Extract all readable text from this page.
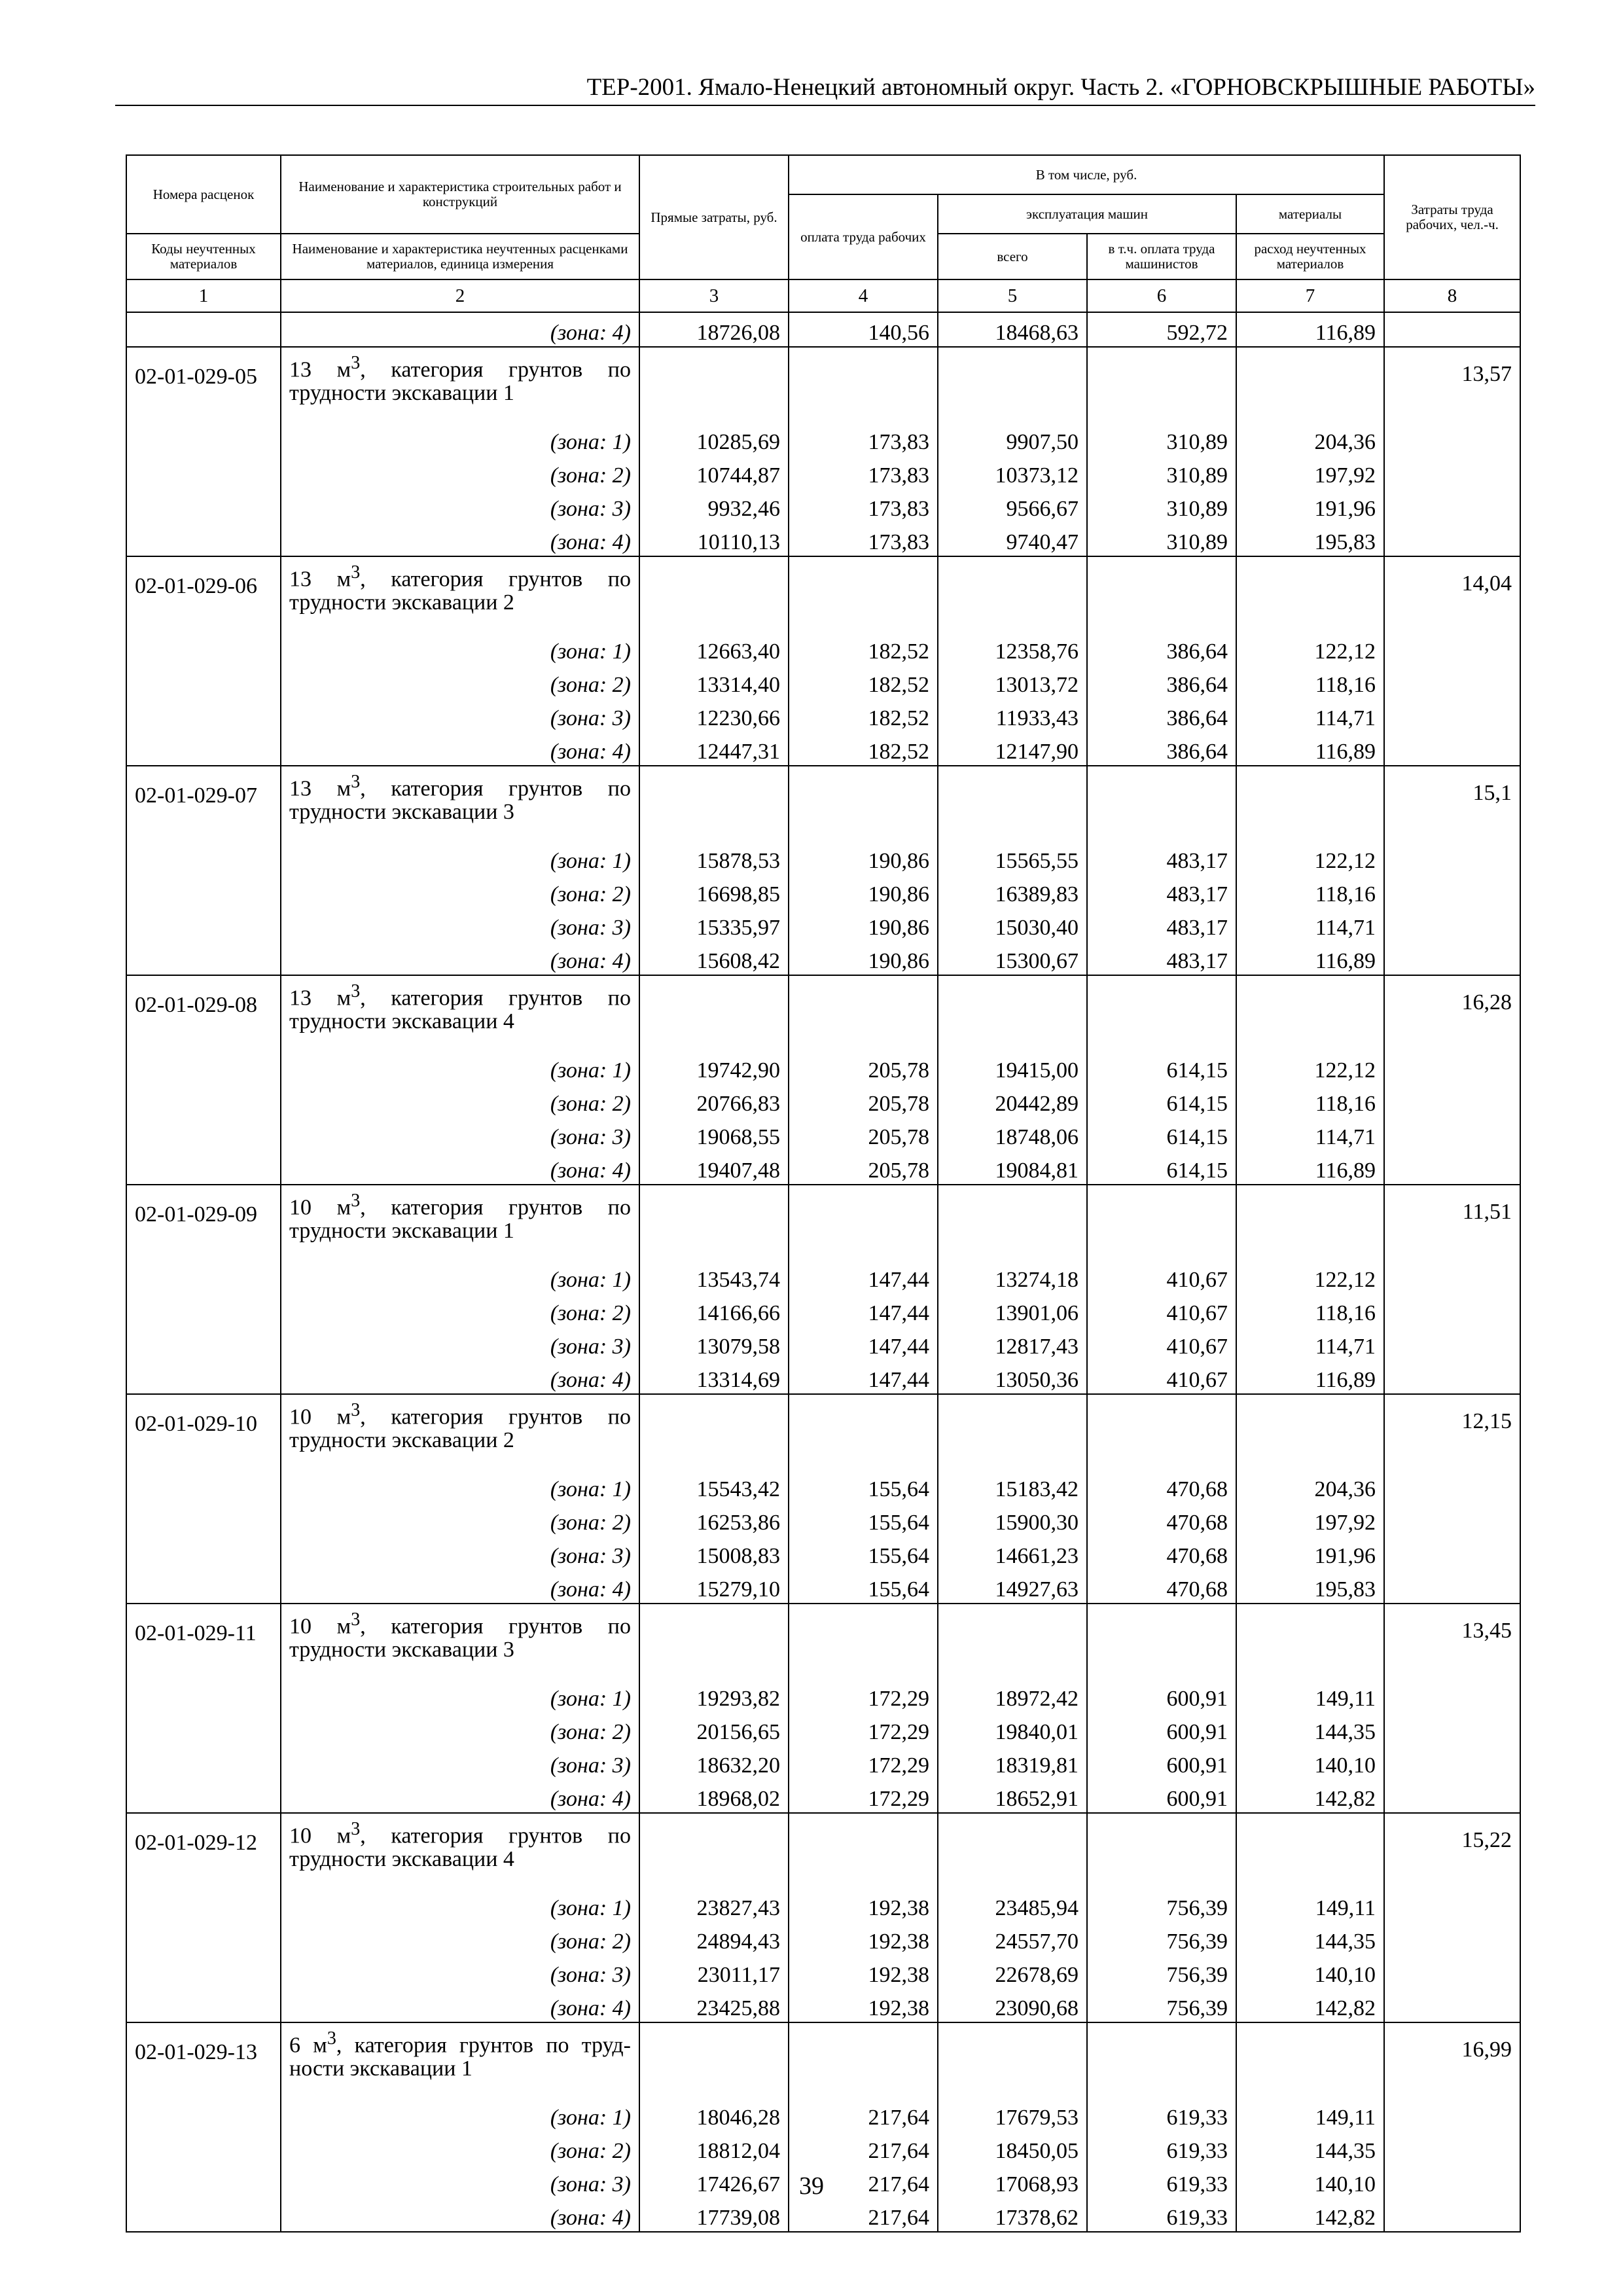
ТЕР-2001. Ямало-Ненецкий автономный округ. Часть 2. «ГОРНОВСКРЫШНЫЕ РАБОТЫ»
Номера расценок	Наименование и характеристика строительных работ и конструкций	Прямые затраты, руб.	В том числе, руб.				Затраты труда рабочих, чел.-ч.
			оплата труда рабочих	эксплуатация машин		материалы	
Коды неучтенных материалов	Наименование и характеристика неучтенных расценками материалов, единица измерения			всего	в т.ч. оплата труда машинистов	расход неучтенных материалов	
1	2	3	4	5	6	7	8
	(зона: 4)	18726,08	140,56	18468,63	592,72	116,89	
02-01-029-05	13 $м^3$, категория грунтов по трудности экскавации 1						13,57
	(зона: 1)	10285,69	173,83	9907,50	310,89	204,36	
	(зона: 2)	10744,87	173,83	10373,12	310,89	197,92	
	(зона: 3)	9932,46	173,83	9566,67	310,89	191,96	
	(зона: 4)	10110,13	173,83	9740,47	310,89	195,83	
02-01-029-06	13 $м^3$, категория грунтов по трудности экскавации 2						14,04
	(зона: 1)	12663,40	182,52	12358,76	386,64	122,12	
	(зона: 2)	13314,40	182,52	13013,72	386,64	118,16	
	(зона: 3)	12230,66	182,52	11933,43	386,64	114,71	
	(зона: 4)	12447,31	182,52	12147,90	386,64	116,89	
02-01-029-07	13 $м^3$, категория грунтов по трудности экскавации 3						15,1
	(зона: 1)	15878,53	190,86	15565,55	483,17	122,12	
	(зона: 2)	16698,85	190,86	16389,83	483,17	118,16	
	(зона: 3)	15335,97	190,86	15030,40	483,17	114,71	
	(зона: 4)	15608,42	190,86	15300,67	483,17	116,89	
02-01-029-08	13 $м^3$, категория грунтов по трудности экскавации 4						16,28
	(зона: 1)	19742,90	205,78	19415,00	614,15	122,12	
	(зона: 2)	20766,83	205,78	20442,89	614,15	118,16	
	(зона: 3)	19068,55	205,78	18748,06	614,15	114,71	
	(зона: 4)	19407,48	205,78	19084,81	614,15	116,89	
02-01-029-09	10 $м^3$, категория грунтов по трудности экскавации 1						11,51
	(зона: 1)	13543,74	147,44	13274,18	410,67	122,12	
	(зона: 2)	14166,66	147,44	13901,06	410,67	118,16	
	(зона: 3)	13079,58	147,44	12817,43	410,67	114,71	
	(зона: 4)	13314,69	147,44	13050,36	410,67	116,89	
02-01-029-10	10 $м^3$, категория грунтов по трудности экскавации 2						12,15
	(зона: 1)	15543,42	155,64	15183,42	470,68	204,36	
	(зона: 2)	16253,86	155,64	15900,30	470,68	197,92	
	(зона: 3)	15008,83	155,64	14661,23	470,68	191,96	
	(зона: 4)	15279,10	155,64	14927,63	470,68	195,83	
02-01-029-11	10 $м^3$, категория грунтов по трудности экскавации 3						13,45
	(зона: 1)	19293,82	172,29	18972,42	600,91	149,11	
	(зона: 2)	20156,65	172,29	19840,01	600,91	144,35	
	(зона: 3)	18632,20	172,29	18319,81	600,91	140,10	
	(зона: 4)	18968,02	172,29	18652,91	600,91	142,82	
02-01-029-12	10 $м^3$, категория грунтов по трудности экскавации 4						15,22
	(зона: 1)	23827,43	192,38	23485,94	756,39	149,11	
	(зона: 2)	24894,43	192,38	24557,70	756,39	144,35	
	(зона: 3)	23011,17	192,38	22678,69	756,39	140,10	
	(зона: 4)	23425,88	192,38	23090,68	756,39	142,82	
02-01-029-13	6 $м^3$, категория грунтов по труд- ности экскавации 1						16,99
	(зона: 1)	18046,28	217,64	17679,53	619,33	149,11	
	(зона: 2)	18812,04	217,64	18450,05	619,33	144,35	
	(зона: 3)	17426,67	217,64	17068,93	619,33	140,10	
	(зона: 4)	17739,08	217,64	17378,62	619,33	142,82	
39
